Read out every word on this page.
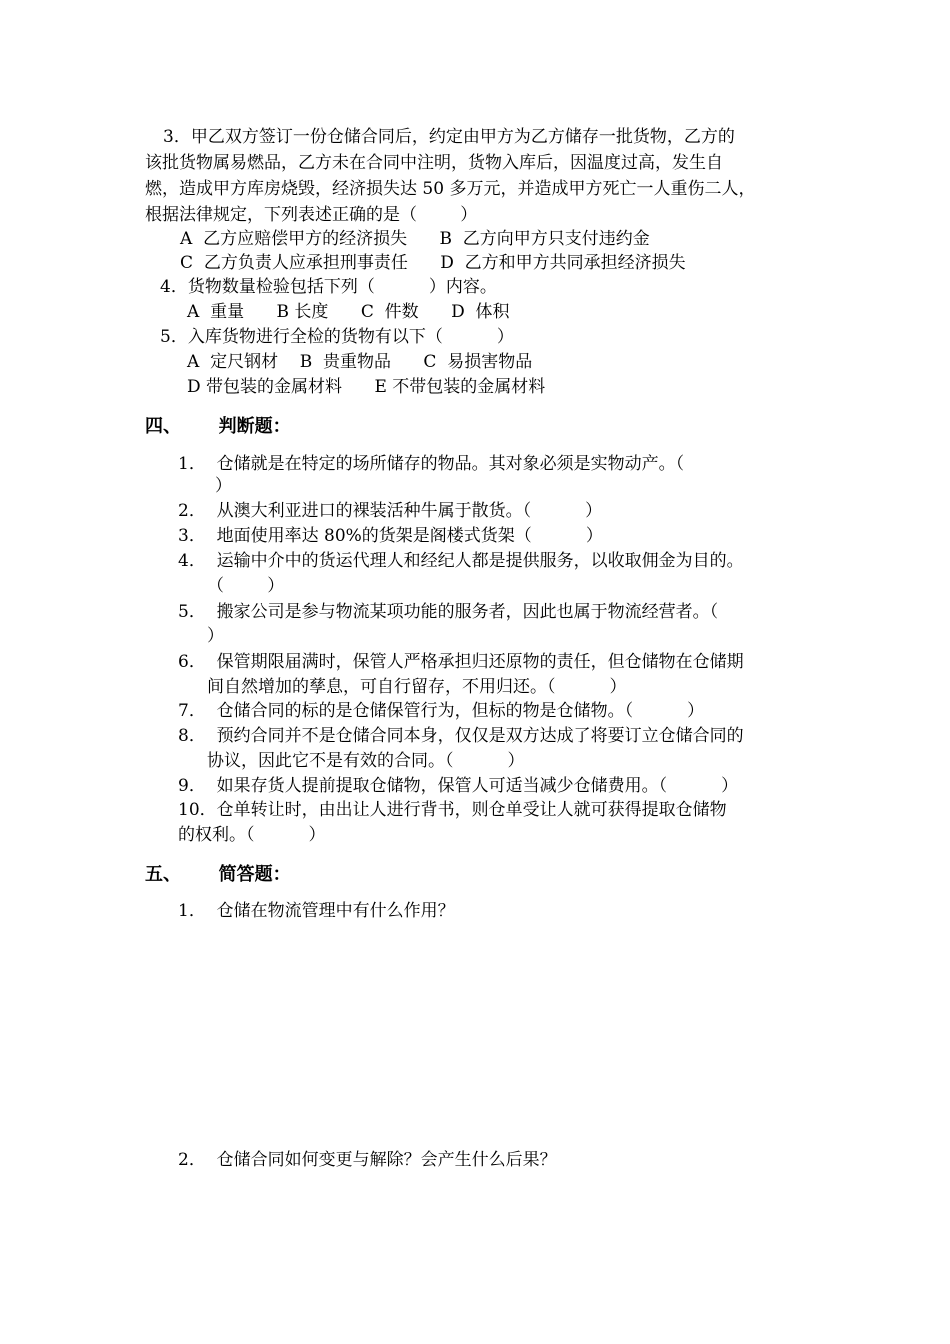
3．甲乙双方签订一份仓储合同后，约定由甲方为乙方储存一批货物，乙方的
该批货物属易燃品，乙方未在合同中注明，货物入库后，因温度过高，发生自
燃，造成甲方库房烧毁，经济损失达 50 多万元，并造成甲方死亡一人重伤二人，
根据法律规定，下列表述正确的是（        ）
A  乙方应赔偿甲方的经济损失      B  乙方向甲方只支付违约金
C  乙方负责人应承担刑事责任      D  乙方和甲方共同承担经济损失
4．货物数量检验包括下列（          ）内容。
A  重量      B 长度      C  件数      D  体积
5．入库货物进行全检的货物有以下（          ）
A  定尺钢材    B  贵重物品      C  易损害物品
D 带包装的金属材料      E 不带包装的金属材料
四、      判断题：
1．  仓储就是在特定的场所储存的物品。其对象必须是实物动产。（
）
2．  从澳大利亚进口的裸装活种牛属于散货。（          ）
3．  地面使用率达 80%的货架是阁楼式货架（          ）
4．  运输中介中的货运代理人和经纪人都是提供服务，以收取佣金为目的。
（        ）
5．  搬家公司是参与物流某项功能的服务者，因此也属于物流经营者。（
）
6．  保管期限届满时，保管人严格承担归还原物的责任，但仓储物在仓储期
间自然增加的孳息，可自行留存，不用归还。（          ）
7．  仓储合同的标的是仓储保管行为，但标的物是仓储物。（          ）
8．  预约合同并不是仓储合同本身，仅仅是双方达成了将要订立仓储合同的
协议，因此它不是有效的合同。（          ）
9．  如果存货人提前提取仓储物，保管人可适当减少仓储费用。（          ）
10．仓单转让时，由出让人进行背书，则仓单受让人就可获得提取仓储物
的权利。（          ）
五、      简答题：
1．  仓储在物流管理中有什么作用？
2．  仓储合同如何变更与解除？会产生什么后果？
